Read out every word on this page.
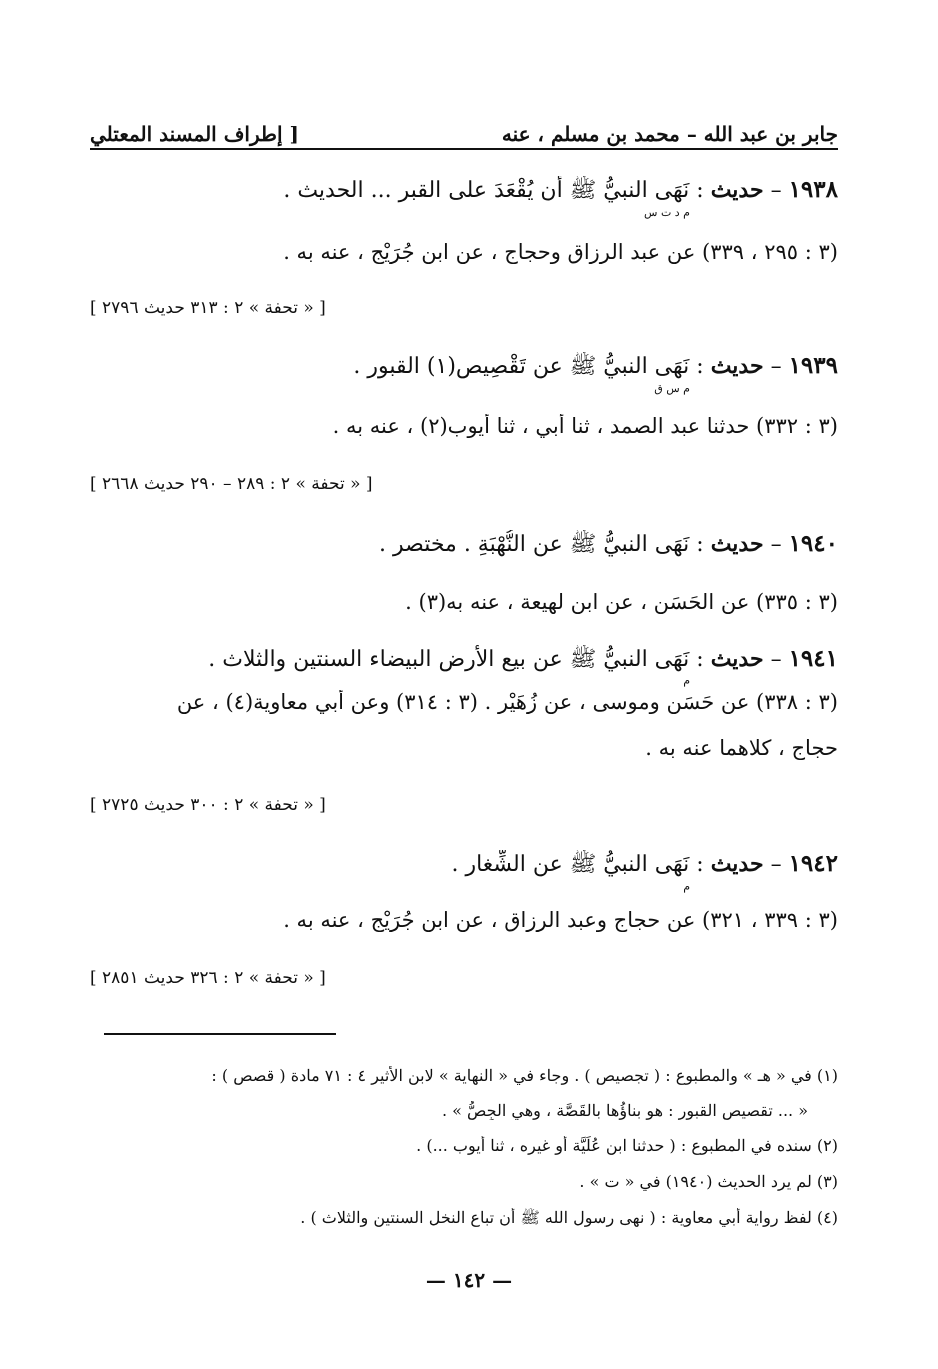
جابر بن عبد الله – محمد بن مسلم ، عنه
[ إطراف المسند المعتلي
١٩٣٨ – حديث : نَهَى النبيُّ ﷺ أن يُقْعَدَ على القبر ... الحديث .
م د ت س
(٣ : ٢٩٥ ، ٣٣٩) عن عبد الرزاق وحجاج ، عن ابن جُرَيْج ، عنه به .
[ « تحفة » ٢ : ٣١٣ حديث ٢٧٩٦ ]
١٩٣٩ – حديث : نَهَى النبيُّ ﷺ عن تَقْصِيص(١) القبور .
م س ق
(٣ : ٣٣٢) حدثنا عبد الصمد ، ثنا أبي ، ثنا أيوب(٢) ، عنه به .
[ « تحفة » ٢ : ٢٨٩ – ٢٩٠ حديث ٢٦٦٨ ]
١٩٤٠ – حديث : نَهَى النبيُّ ﷺ عن النُّهْبَةِ . مختصر .
(٣ : ٣٣٥) عن الحَسَن ، عن ابن لهيعة ، عنه به(٣) .
١٩٤١ – حديث : نَهَى النبيُّ ﷺ عن بيع الأرض البيضاء السنتين والثلاث .
م
(٣ : ٣٣٨) عن حَسَن وموسى ، عن زُهَيْر . (٣ : ٣١٤) وعن أبي معاوية(٤) ، عن
حجاج ، كلاهما عنه به .
[ « تحفة » ٢ : ٣٠٠ حديث ٢٧٢٥ ]
١٩٤٢ – حديث : نَهَى النبيُّ ﷺ عن الشِّغار .
م
(٣ : ٣٣٩ ، ٣٢١) عن حجاج وعبد الرزاق ، عن ابن جُرَيْج ، عنه به .
[ « تحفة » ٢ : ٣٢٦ حديث ٢٨٥١ ]
(١) في « هـ » والمطبوع : ( تجصيص ) . وجاء في « النهاية » لابن الأثير ٤ : ٧١ مادة ( قصص ) :
« ... تقصيص القبور : هو بناؤُها بالقَصَّة ، وهي الجِصُّ » .
(٢) سنده في المطبوع : ( حدثنا ابن عُلَيَّة أو غيره ، ثنا أيوب ...) .
(٣) لم يرد الحديث (١٩٤٠) في « ت » .
(٤) لفظ رواية أبي معاوية : ( نهى رسول الله ﷺ أن تباع النخل السنتين والثلاث ) .
— ١٤٢ —
